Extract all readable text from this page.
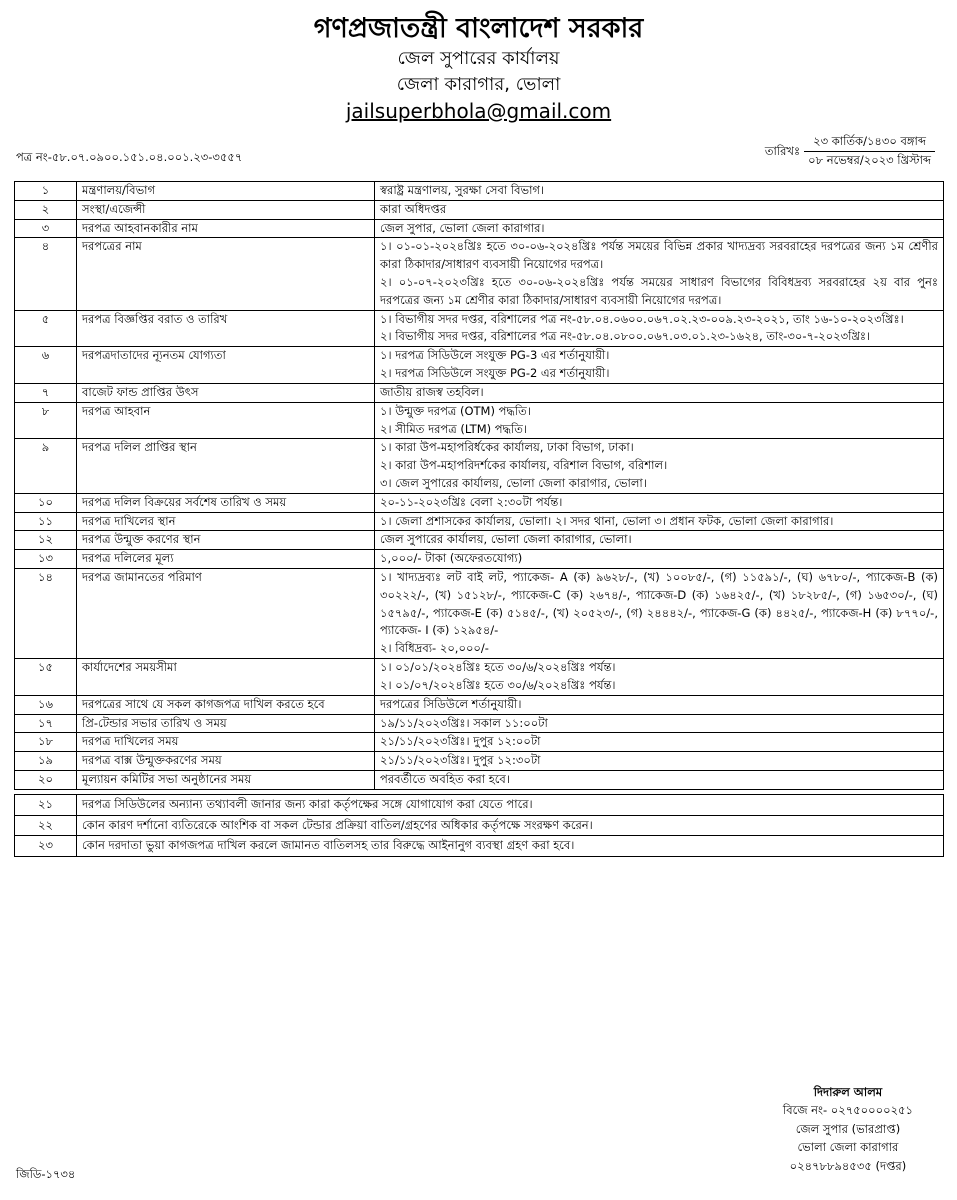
গণপ্রজাতন্ত্রী বাংলাদেশ সরকার
জেল সুপারের কার্যালয়
জেলা কারাগার, ভোলা
jailsuperbhola@gmail.com
পত্র নং-৫৮.০৭.০৯০০.১৫১.০৪.০০১.২৩-৩৫৫৭	তারিখঃ
২৩ কার্তিক/১৪৩০ বঙ্গাব্দ
০৮ নভেম্বর/২০২৩ খ্রিস্টাব্দ
১	মন্ত্রণালয়/বিভাগ	স্বরাষ্ট্র মন্ত্রণালয়, সুরক্ষা সেবা বিভাগ।

২	সংস্থা/এজেন্সী	কারা অধিদপ্তর

৩	দরপত্র আহবানকারীর নাম	জেল সুপার, ভোলা জেলা কারাগার।

৪	দরপত্রের নাম	১। ০১-০১-২০২৪খ্রিঃ হতে ৩০-০৬-২০২৪খ্রিঃ পর্যন্ত সময়ের বিভিন্ন প্রকার খাদ্যদ্রব্য সরবরাহের দরপত্রের জন্য ১ম শ্রেণীর কারা ঠিকাদার/সাধারণ ব্যবসায়ী নিয়োগের দরপত্র।
২। ০১-০৭-২০২৩খ্রিঃ হতে ৩০-০৬-২০২৪খ্রিঃ পর্যন্ত সময়ের সাধারণ বিভাগের বিবিধদ্রব্য সরবরাহের ২য় বার পুনঃ দরপত্রের জন্য ১ম শ্রেণীর কারা ঠিকাদার/সাধারণ ব্যবসায়ী নিয়োগের দরপত্র।

৫	দরপত্র বিজ্ঞপ্তির বরাত ও তারিখ	১। বিভাগীয় সদর দপ্তর, বরিশালের পত্র নং-৫৮.০৪.০৬০০.০৬৭.০২.২৩-০০৯.২৩-২০২১, তাং ১৬-১০-২০২৩খ্রিঃ।
২। বিভাগীয় সদর দপ্তর, বরিশালের পত্র নং-৫৮.০৪.০৮০০.০৬৭.০৩.০১.২৩-১৬২৪, তাং-৩০-৭-২০২৩খ্রিঃ।

৬	দরপত্রদাতাদের ন্যূনতম যোগ্যতা	১। দরপত্র সিডিউলে সংযুক্ত PG-3 এর শর্তানুযায়ী।
২। দরপত্র সিডিউলে সংযুক্ত PG-2 এর শর্তানুযায়ী।

৭	বাজেট ফান্ড প্রাপ্তির উৎস	জাতীয় রাজস্ব তহবিল।

৮	দরপত্র আহবান	১। উন্মুক্ত দরপত্র (OTM) পদ্ধতি।
২। সীমিত দরপত্র (LTM) পদ্ধতি।

৯	দরপত্র দলিল প্রাপ্তির স্থান	১। কারা উপ-মহাপরির্ধকের কার্যালয়, ঢাকা বিভাগ, ঢাকা।
২। কারা উপ-মহাপরিদর্শকের কার্যালয়, বরিশাল বিভাগ, বরিশাল।
৩। জেল সুপারের কার্যালয়, ভোলা জেলা কারাগার, ভোলা।

১০	দরপত্র দলিল বিক্রয়ের সর্বশেষ তারিখ ও সময়	২০-১১-২০২৩খ্রিঃ বেলা ২:৩০টা পর্যন্ত।

১১	দরপত্র দাখিলের স্থান	১। জেলা প্রশাসকের কার্যালয়, ভোলা। ২। সদর থানা, ভোলা ৩। প্রধান ফটক, ভোলা জেলা কারাগার।

১২	দরপত্র উন্মুক্ত করণের স্থান	জেল সুপারের কার্যালয়, ভোলা জেলা কারাগার, ভোলা।

১৩	দরপত্র দলিলের মূল্য	১,০০০/- টাকা (অফেরতযোগ্য)

১৪	দরপত্র জামানতের পরিমাণ	১। খাদ্যদ্রব্যঃ লট বাই লট, প্যাকেজ- A (ক) ৯৬২৮/-, (খ) ১০০৮৫/-, (গ) ১১৫৯১/-, (ঘ) ৬৭৮০/-, প্যাকেজ-B (ক) ৩০২২২/-, (খ) ১৫১২৮/-, প্যাকেজ-C (ক) ২৬৭৪/-, প্যাকেজ-D (ক) ১৬৪২৫/-, (খ) ১৮২৮৫/-, (গ) ১৬৫৩০/-, (ঘ) ১৫৭৯৫/-, প্যাকেজ-E (ক) ৫১৪৫/-, (খ) ২০৫২৩/-, (গ) ২৪৪৪২/-, প্যাকেজ-G (ক) ৪৪২৫/-, প্যাকেজ-H (ক) ৮৭৭০/-, প্যাকেজ- I (ক) ১২৯৫৪/-
২। বিধিদ্রব্য- ২০,০০০/-

১৫	কার্যাদেশের সময়সীমা	১। ০১/০১/২০২৪খ্রিঃ হতে ৩০/৬/২০২৪খ্রিঃ পর্যন্ত।
২। ০১/০৭/২০২৪খ্রিঃ হতে ৩০/৬/২০২৪খ্রিঃ পর্যন্ত।

১৬	দরপত্রের সাথে যে সকল কাগজপত্র দাখিল করতে হবে	দরপত্রের সিডিউলে শর্তানুযায়ী।

১৭	প্রি-টেন্ডার সভার তারিখ ও সময়	১৯/১১/২০২৩খ্রিঃ। সকাল ১১:০০টা

১৮	দরপত্র দাখিলের সময়	২১/১১/২০২৩খ্রিঃ। দুপুর ১২:০০টা

১৯	দরপত্র বাক্স উন্মুক্তকরণের সময়	২১/১১/২০২৩খ্রিঃ। দুপুর ১২:৩০টা

২০	মূল্যায়ন কমিটির সভা অনুষ্ঠানের সময়	পরবর্তীতে অবহিত করা হবে।
২১	দরপত্র সিডিউলের অন্যান্য তথ্যাবলী জানার জন্য কারা কর্তৃপক্ষের সঙ্গে যোগাযোগ করা যেতে পারে।
২২	কোন কারণ দর্শানো ব্যতিরেকে আংশিক বা সকল টেন্ডার প্রক্রিয়া বাতিল/গ্রহণের অধিকার কর্তৃপক্ষে সংরক্ষণ করেন।
২৩	কোন দরদাতা ভুয়া কাগজপত্র দাখিল করলে জামানত বাতিলসহ তার বিরুদ্ধে আইনানুগ ব্যবস্থা গ্রহণ করা হবে।
দিদারুল আলম
বিজে নং- ০২৭৫০০০০২৫১
জেল সুপার (ভারপ্রাপ্ত)
ভোলা জেলা কারাগার
০২৪৭৮৮৯৪৫৩৫ (দপ্তর)
জিডি-১৭৩৪
